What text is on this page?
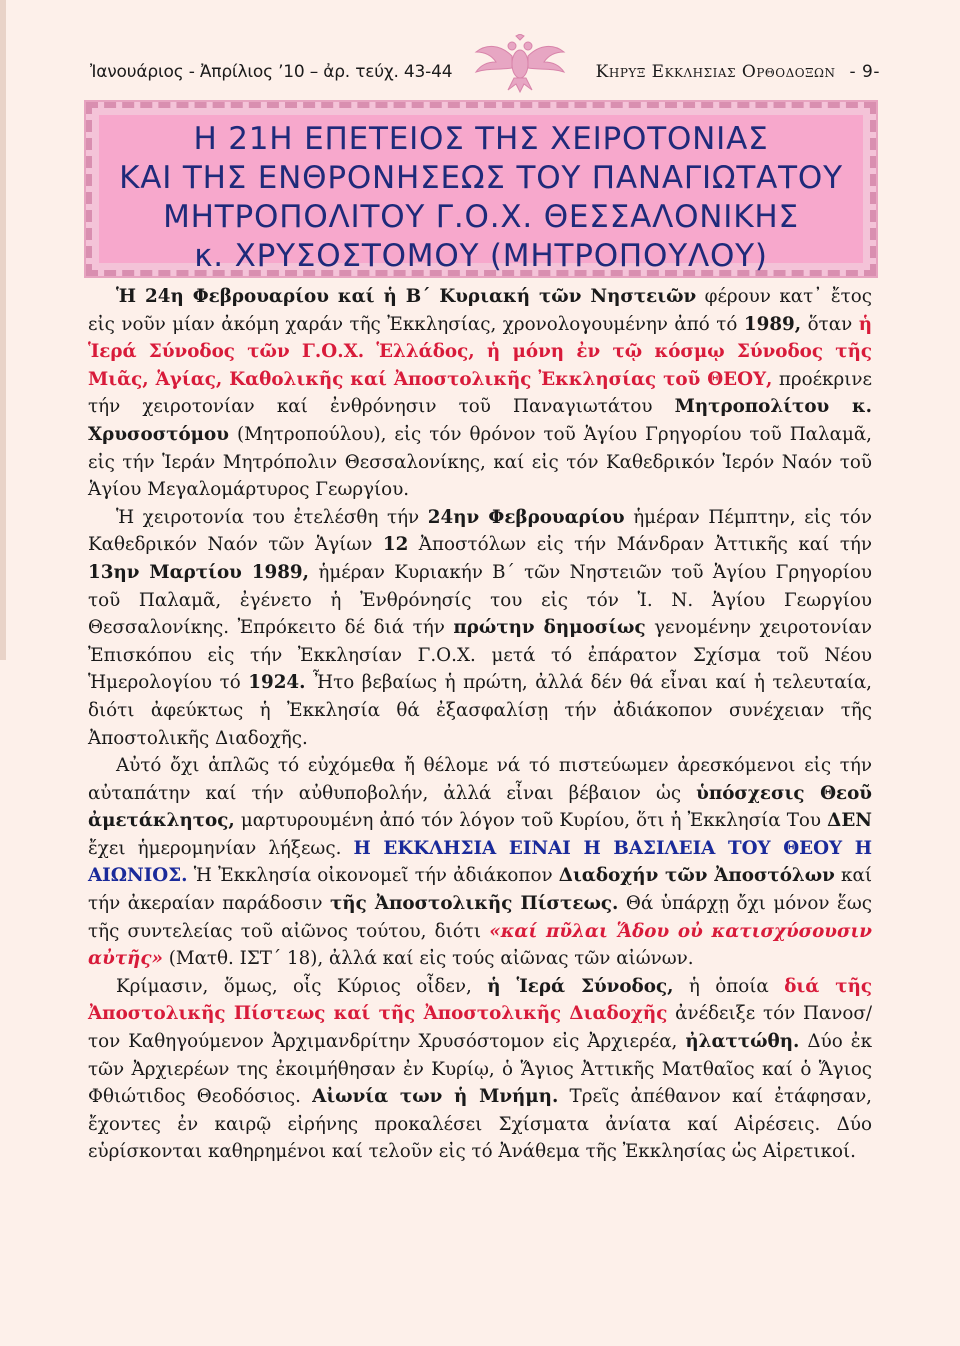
Ἰανουάριος - Ἀπρίλιος ’10 – ἀρ. τεύχ. 43-44	Κηρυξ Εκκλησιας Ορθοδοξων - 9-
Η 21Η ΕΠΕΤΕΙΟΣ ΤΗΣ ΧΕΙΡΟΤΟΝΙΑΣ
ΚΑΙ ΤΗΣ ΕΝΘΡΟΝΗΣΕΩΣ ΤΟΥ ΠΑΝΑΓΙΩΤΑΤΟΥ
ΜΗΤΡΟΠΟΛΙΤΟΥ Γ.Ο.Χ. ΘΕΣΣΑΛΟΝΙΚΗΣ
κ. ΧΡΥΣΟΣΤΟΜΟΥ (ΜΗΤΡΟΠΟΥΛΟΥ)

Ἡ 24η Φεβρουαρίου καί ἡ Β΄ Κυριακή τῶν Νηστειῶν φέρουν κατ᾽ ἔτος εἰς νοῦν μίαν ἀκόμη χαράν τῆς Ἐκκλησίας, χρονολογουμένην ἀπό τό 1989, ὅταν ἡ Ἱερά Σύνοδος τῶν Γ.Ο.Χ. Ἑλλάδος, ἡ μόνη ἐν τῷ κόσμῳ Σύνοδος τῆς Μιᾶς, Ἁγίας, Καθολικῆς καί Ἀποστολικῆς Ἐκκλησίας τοῦ ΘΕΟΥ, προέκρινε τήν χειροτονίαν καί ἐνθρόνησιν τοῦ Παναγιωτάτου Μητροπολίτου κ. Χρυσοστόμου (Μητροπούλου), εἰς τόν θρόνον τοῦ Ἁγίου Γρηγορίου τοῦ Παλαμᾶ, εἰς τήν Ἱεράν Μητρόπολιν Θεσσαλονίκης, καί εἰς τόν Καθεδρικόν Ἱερόν Ναόν τοῦ Ἁγίου Μεγαλομάρτυρος Γεωργίου.

Ἡ χειροτονία του ἐτελέσθη τήν 24ην Φεβρουαρίου ἡμέραν Πέμπτην, εἰς τόν Καθεδρικόν Ναόν τῶν Ἁγίων 12 Ἀποστόλων εἰς τήν Μάνδραν Ἀττικῆς καί τήν 13ην Μαρτίου 1989, ἡμέραν Κυριακήν Β΄ τῶν Νηστειῶν τοῦ Ἁγίου Γρηγορίου τοῦ Παλαμᾶ, ἐγένετο ἡ Ἐνθρόνησίς του εἰς τόν Ἱ. Ν. Ἁγίου Γεωργίου Θεσσαλονίκης. Ἐπρόκειτο δέ διά τήν πρώτην δημοσίως γενομένην χειροτονίαν Ἐπισκόπου εἰς τήν Ἐκκλησίαν Γ.Ο.Χ. μετά τό ἐπάρατον Σχίσμα τοῦ Νέου Ἡμερολογίου τό 1924. Ἦτο βεβαίως ἡ πρώτη, ἀλλά δέν θά εἶναι καί ἡ τελευταία, διότι ἀφεύκτως ἡ Ἐκκλησία θά ἐξασφαλίσῃ τήν ἀδιάκοπον συνέχειαν τῆς Ἀποστολικῆς Διαδοχῆς.

Αὐτό ὄχι ἁπλῶς τό εὐχόμεθα ἤ θέλομε νά τό πιστεύωμεν ἀρεσκόμενοι εἰς τήν αὐταπάτην καί τήν αὐθυποβολήν, ἀλλά εἶναι βέβαιον ὡς ὑπόσχεσις Θεοῦ ἀμετάκλητος, μαρτυρουμένη ἀπό τόν λόγον τοῦ Κυρίου, ὅτι ἡ Ἐκκλησία Του ΔΕΝ ἔχει ἡμερομηνίαν λήξεως. Η ΕΚΚΛΗΣΙΑ ΕΙΝΑΙ Η ΒΑΣΙΛΕΙΑ ΤΟΥ ΘΕΟΥ Η ΑΙΩΝΙΟΣ. Ἡ Ἐκκλησία οἰκονομεῖ τήν ἀδιάκοπον Διαδοχήν τῶν Ἀποστόλων καί τήν ἀκεραίαν παράδοσιν τῆς Ἀποστολικῆς Πίστεως. Θά ὑπάρχῃ ὄχι μόνον ἕως τῆς συντελείας τοῦ αἰῶνος τούτου, διότι «καί πῦλαι Ἅδου οὐ κατισχύσουσιν αὐτῆς» (Ματθ. ΙΣΤ΄ 18), ἀλλά καί εἰς τούς αἰῶνας τῶν αἰώνων.

Κρίμασιν, ὅμως, οἷς Κύριος οἶδεν, ἡ Ἱερά Σύνοδος, ἡ ὁποία διά τῆς Ἀποστολικῆς Πίστεως καί τῆς Ἀποστολικῆς Διαδοχῆς ἀνέδειξε τόν Πανοσ/τον Καθηγούμενον Ἀρχιμανδρίτην Χρυσόστομον εἰς Ἀρχιερέα, ἠλαττώθη. Δύο ἐκ τῶν Ἀρχιερέων της ἐκοιμήθησαν ἐν Κυρίῳ, ὁ Ἅγιος Ἀττικῆς Ματθαῖος καί ὁ Ἅγιος Φθιώτιδος Θεοδόσιος. Αἰωνία των ἡ Μνήμη. Τρεῖς ἀπέθανον καί ἐτάφησαν, ἔχοντες ἐν καιρῷ εἰρήνης προκαλέσει Σχίσματα ἀνίατα καί Αἱρέσεις. Δύο εὑρίσκονται καθηρημένοι καί τελοῦν εἰς τό Ἀνάθεμα τῆς Ἐκκλησίας ὡς Αἱρετικοί.
